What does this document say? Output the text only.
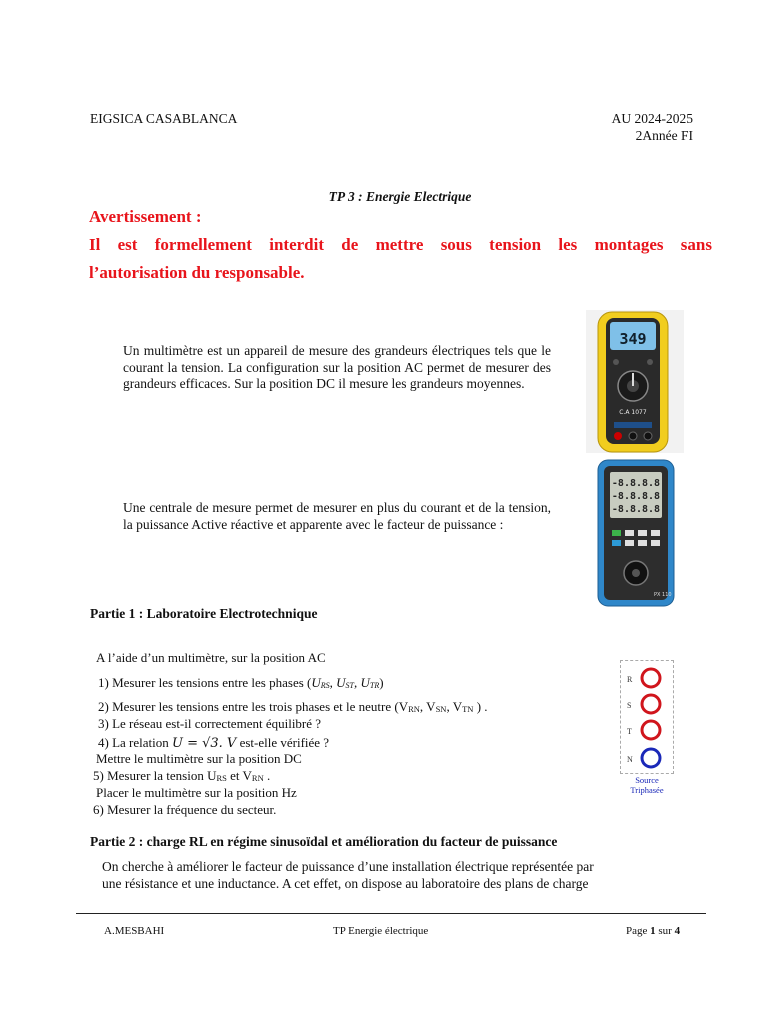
EIGSICA CASABLANCA	AU 2024-2025
2Année FI
TP 3 : Energie Electrique
Avertissement :
Il est formellement interdit de mettre sous tension les montages sans
l’autorisation du responsable.
Un multimètre est un appareil de mesure des grandeurs électriques tels que le courant la tension. La configuration sur la position AC permet de mesurer des grandeurs efficaces. Sur la position DC il mesure les grandeurs moyennes.
349
C.A 1077
Une centrale de mesure permet de mesurer en plus du courant et de la tension, la puissance Active réactive et apparente avec le facteur de puissance :
-8.8.8.8
-8.8.8.8
-8.8.8.8
PX 110
Partie 1 : Laboratoire Electrotechnique
A l’aide d’un multimètre, sur la position AC
1) Mesurer les tensions entre les phases (URS, UST, UTR)
2) Mesurer les tensions entre les trois phases et le neutre (VRN, VSN, VTN ) .
3) Le réseau est-il correctement équilibré ?
4) La relation U = √3. V est-elle vérifiée ?
Mettre le multimètre sur la position DC
5) Mesurer la tension URS et VRN .
Placer le multimètre sur la position Hz
6) Mesurer la fréquence du secteur.
R
S
T
N
Source
Triphasée
Partie 2 : charge RL en régime sinusoïdal et amélioration du facteur de puissance
On cherche à améliorer le facteur de puissance d’une installation électrique représentée par
une résistance et une inductance. A cet effet, on dispose au laboratoire des plans de charge
A.MESBAHI	TP Energie électrique	Page 1 sur 4
